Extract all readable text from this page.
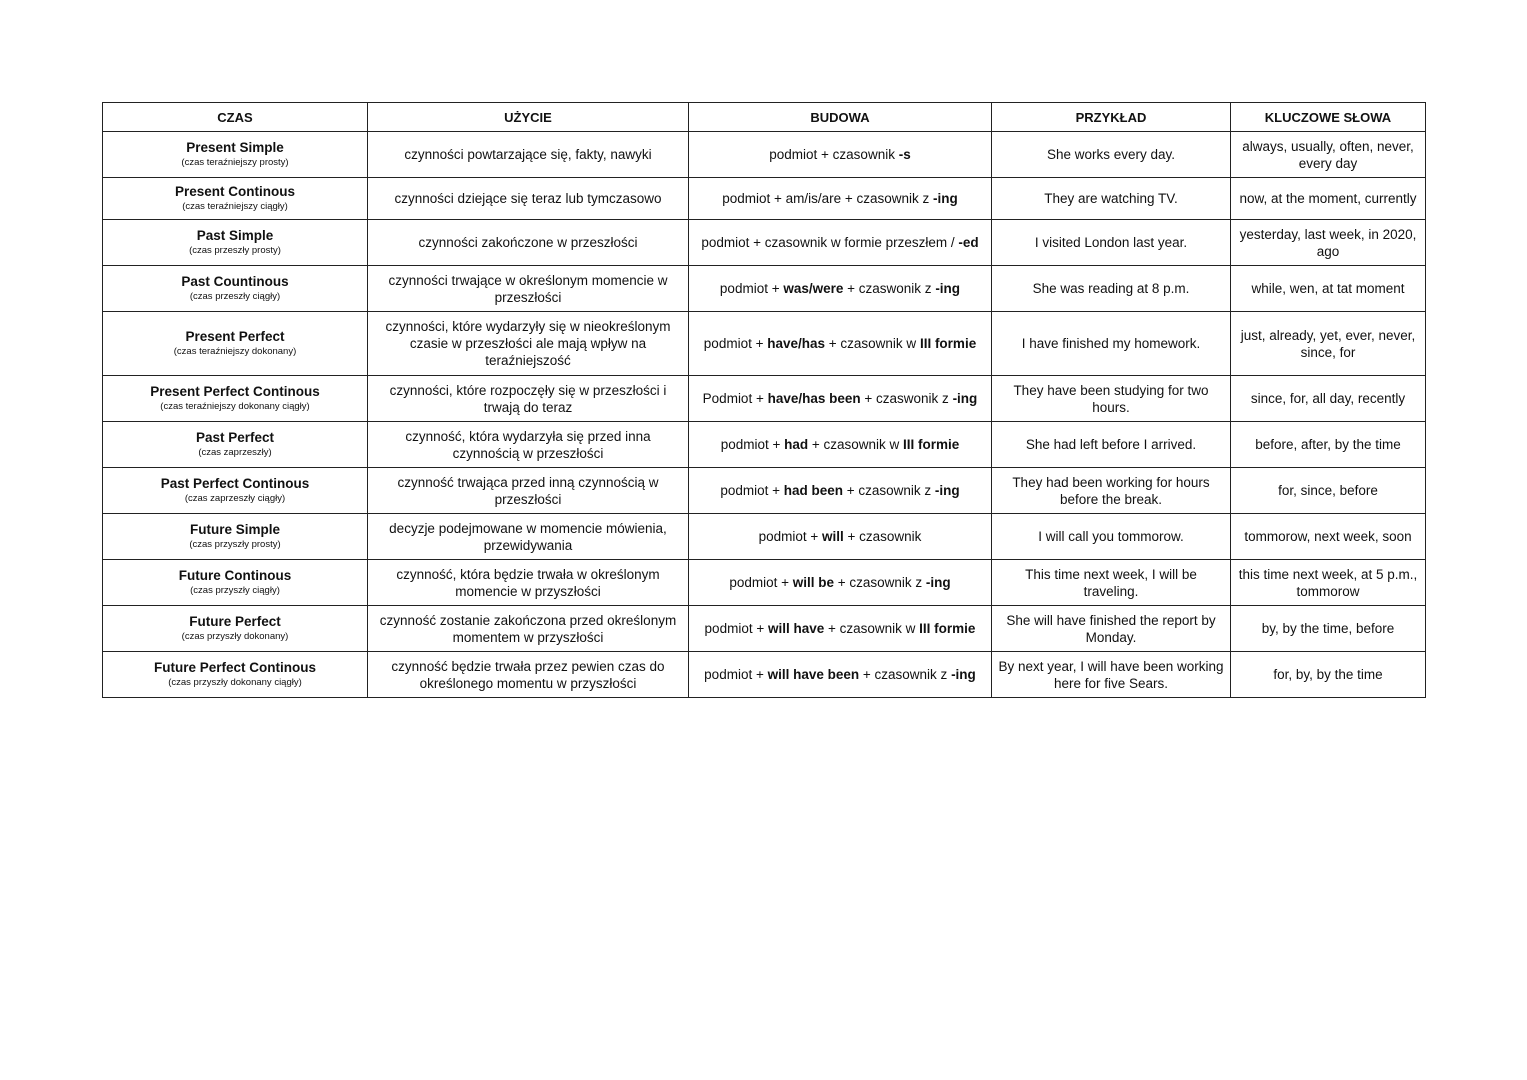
CZAS	UŻYCIE	BUDOWA	PRZYKŁAD	KLUCZOWE SŁOWA

Present Simple
(czas teraźniejszy prosty)	czynności powtarzające się, fakty, nawyki	podmiot + czasownik -s	She works every day.	always, usually, often, never, every day

Present Continous
(czas teraźniejszy ciągły)	czynności dziejące się teraz lub tymczasowo	podmiot + am/is/are + czasownik z -ing	They are watching TV.	now, at the moment, currently

Past Simple
(czas przeszły prosty)	czynności zakończone w przeszłości	podmiot + czasownik w formie przeszłem / -ed	I visited London last year.	yesterday, last week, in 2020, ago

Past Countinous
(czas przeszły ciągły)	czynności trwające w określonym momencie w przeszłości	podmiot + was/were + czaswonik z -ing	She was reading at 8 p.m.	while, wen, at tat moment

Present Perfect
(czas teraźniejszy dokonany)	czynności, które wydarzyły się w nieokreślonym czasie w przeszłości ale mają wpływ na teraźniejszość	podmiot + have/has + czasownik w III formie	I have finished my homework.	just, already, yet, ever, never, since, for

Present Perfect Continous
(czas teraźniejszy dokonany ciągły)	czynności, które rozpoczęły się w przeszłości i trwają do teraz	Podmiot + have/has been + czaswonik z -ing	They have been studying for two hours.	since, for, all day, recently

Past Perfect
(czas zaprzeszły)	czynność, która wydarzyła się przed inna czynnością w przeszłości	podmiot + had + czasownik w III formie	She had left before I arrived.	before, after, by the time

Past Perfect Continous
(czas zaprzeszły ciągły)	czynność trwająca przed inną czynnością w przeszłości	podmiot + had been + czasownik z -ing	They had been working for hours before the break.	for, since, before

Future Simple
(czas przyszły prosty)	decyzje podejmowane w momencie mówienia, przewidywania	podmiot + will + czasownik	I will call you tommorow.	tommorow, next week, soon

Future Continous
(czas przyszły ciągły)	czynność, która będzie trwała w określonym momencie w przyszłości	podmiot + will be + czasownik z -ing	This time next week, I will be traveling.	this time next week, at 5 p.m., tommorow

Future Perfect
(czas przyszły dokonany)	czynność zostanie zakończona przed określonym momentem w przyszłości	podmiot + will have + czasownik w III formie	She will have finished the report by Monday.	by, by the time, before

Future Perfect Continous
(czas przyszły dokonany ciągły)	czynność będzie trwała przez pewien czas do określonego momentu w przyszłości	podmiot + will have been + czasownik z -ing	By next year, I will have been working here for five Sears.	for, by, by the time
